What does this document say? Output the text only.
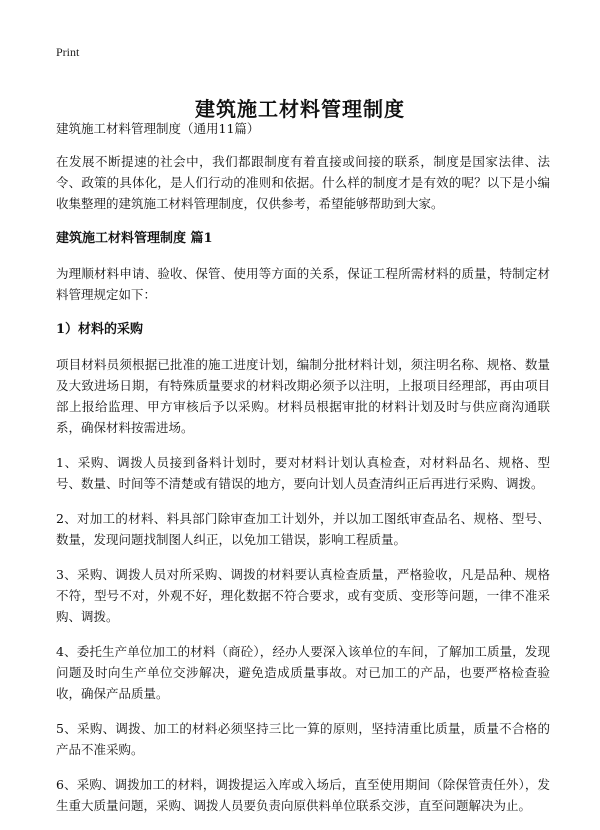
Print
建筑施工材料管理制度

建筑施工材料管理制度（通用11篇）

在发展不断提速的社会中，我们都跟制度有着直接或间接的联系，制度是国家法律、法令、政策的具体化，是人们行动的准则和依据。什么样的制度才是有效的呢？以下是小编收集整理的建筑施工材料管理制度，仅供参考，希望能够帮助到大家。

建筑施工材料管理制度 篇1

为理顺材料申请、验收、保管、使用等方面的关系，保证工程所需材料的质量，特制定材料管理规定如下：

1）材料的采购

项目材料员须根据已批准的施工进度计划，编制分批材料计划，须注明名称、规格、数量及大致进场日期，有特殊质量要求的材料改期必须予以注明，上报项目经理部，再由项目部上报给监理、甲方审核后予以采购。材料员根据审批的材料计划及时与供应商沟通联系，确保材料按需进场。

1、采购、调拨人员接到备料计划时，要对材料计划认真检查，对材料品名、规格、型号、数量、时间等不清楚或有错误的地方，要向计划人员查清纠正后再进行采购、调拨。

2、对加工的材料、料具部门除审查加工计划外，并以加工图纸审查品名、规格、型号、数量，发现问题找制图人纠正，以免加工错误，影响工程质量。

3、采购、调拨人员对所采购、调拨的材料要认真检查质量，严格验收，凡是品种、规格不符，型号不对，外观不好，理化数据不符合要求，或有变质、变形等问题，一律不准采购、调拨。

4、委托生产单位加工的材料（商砼），经办人要深入该单位的车间，了解加工质量，发现问题及时向生产单位交涉解决，避免造成质量事故。对已加工的产品，也要严格检查验收，确保产品质量。

5、采购、调拨、加工的材料必须坚持三比一算的原则，坚持清重比质量，质量不合格的产品不准采购。

6、采购、调拨加工的材料，调拨提运入库或入场后，直至使用期间（除保管责任外），发生重大质量问题，采购、调拨人员要负责向原供料单位联系交涉，直至问题解决为止。
